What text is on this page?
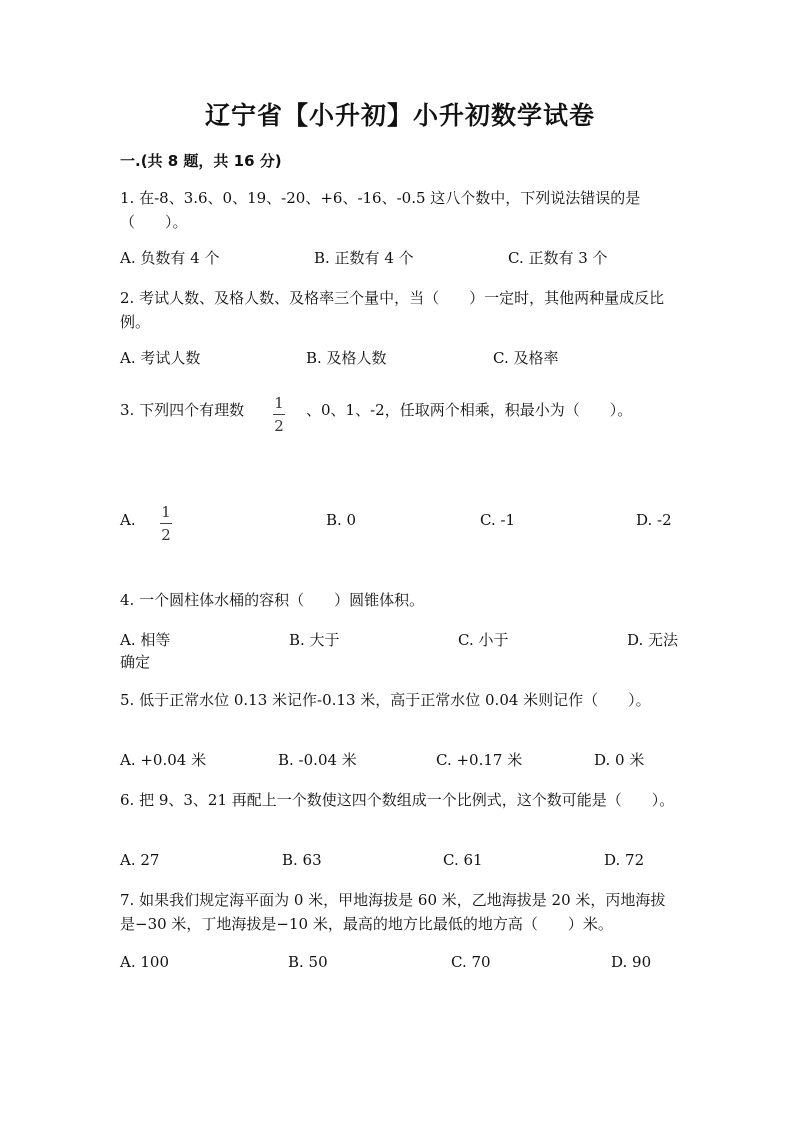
辽宁省【小升初】小升初数学试卷
一.(共 8 题，共 16 分)
1. 在-8、3.6、0、19、-20、+6、-16、-0.5 这八个数中，下列说法错误的是（　　）。
A. 负数有 4 个	B. 正数有 4 个	C. 正数有 3 个
2. 考试人数、及格人数、及格率三个量中，当（　　）一定时，其他两种量成反比例。
A. 考试人数	B. 及格人数	C. 及格率
3. 下列四个有理数 1
2
、0、1、-2，任取两个相乘，积最小为（　　）。
A. 1
2
B. 0	C. -1	D. -2
4. 一个圆柱体水桶的容积（　　）圆锥体积。
A. 相等	B. 大于	C. 小于	D. 无法
确定
5. 低于正常水位 0.13 米记作-0.13 米，高于正常水位 0.04 米则记作（　　）。
A. +0.04 米	B. -0.04 米	C. +0.17 米	D. 0 米
6. 把 9、3、21 再配上一个数使这四个数组成一个比例式，这个数可能是（　　）。
A. 27	B. 63	C. 61	D. 72
7. 如果我们规定海平面为 0 米，甲地海拔是 60 米，乙地海拔是 20 米，丙地海拔是−30 米，丁地海拔是−10 米，最高的地方比最低的地方高（　　）米。
A. 100	B. 50	C. 70	D. 90
